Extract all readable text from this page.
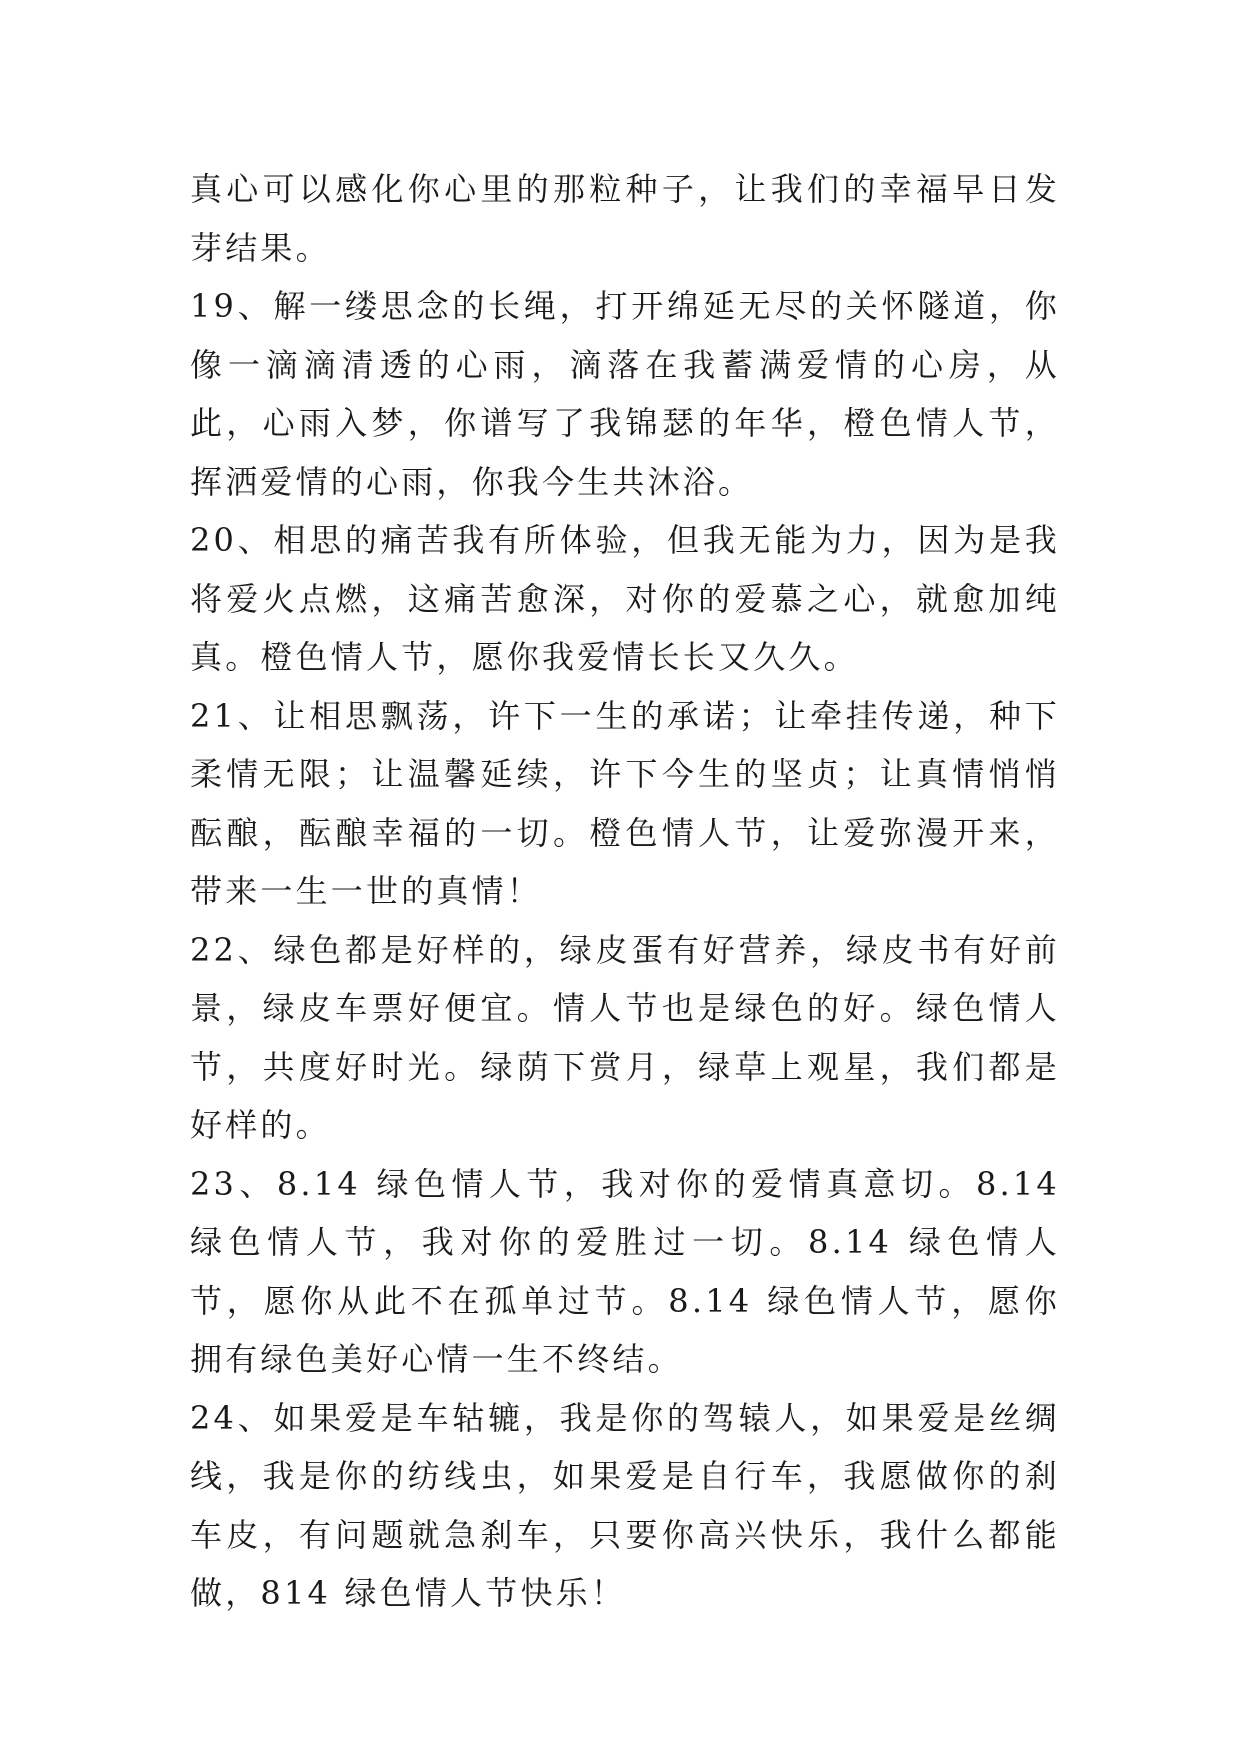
真心可以感化你心里的那粒种子，让我们的幸福早日发芽结果。

19、解一缕思念的长绳，打开绵延无尽的关怀隧道，你像一滴滴清透的心雨，滴落在我蓄满爱情的心房，从此，心雨入梦，你谱写了我锦瑟的年华，橙色情人节，挥洒爱情的心雨，你我今生共沐浴。

20、相思的痛苦我有所体验，但我无能为力，因为是我将爱火点燃，这痛苦愈深，对你的爱慕之心，就愈加纯真。橙色情人节，愿你我爱情长长又久久。

21、让相思飘荡，许下一生的承诺；让牵挂传递，种下柔情无限；让温馨延续，许下今生的坚贞；让真情悄悄酝酿，酝酿幸福的一切。橙色情人节，让爱弥漫开来，带来一生一世的真情！

22、绿色都是好样的，绿皮蛋有好营养，绿皮书有好前景，绿皮车票好便宜。情人节也是绿色的好。绿色情人节，共度好时光。绿荫下赏月，绿草上观星，我们都是好样的。

23、8.14 绿色情人节，我对你的爱情真意切。8.14 绿色情人节，我对你的爱胜过一切。8.14 绿色情人节，愿你从此不在孤单过节。8.14 绿色情人节，愿你拥有绿色美好心情一生不终结。

24、如果爱是车轱辘，我是你的驾辕人，如果爱是丝绸线，我是你的纺线虫，如果爱是自行车，我愿做你的刹车皮，有问题就急刹车，只要你高兴快乐，我什么都能做，814 绿色情人节快乐！
